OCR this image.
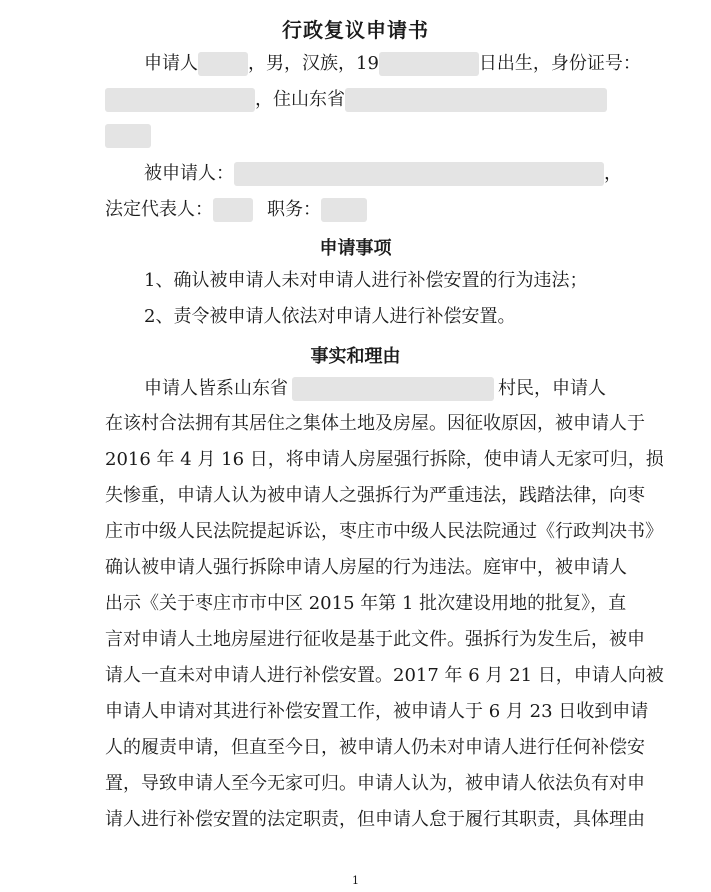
行政复议申请书
申请人	，男，汉族，19	日出生，身份证号：
，住山东省
被申请人：	，
法定代表人：	职务：
申请事项
1、确认被申请人未对申请人进行补偿安置的行为违法；
2、责令被申请人依法对申请人进行补偿安置。
事实和理由
申请人皆系山东省	村民，申请人
在该村合法拥有其居住之集体土地及房屋。因征收原因，被申请人于
2016 年 4 月 16 日，将申请人房屋强行拆除，使申请人无家可归，损
失惨重，申请人认为被申请人之强拆行为严重违法，践踏法律，向枣
庄市中级人民法院提起诉讼，枣庄市中级人民法院通过《行政判决书》
确认被申请人强行拆除申请人房屋的行为违法。庭审中，被申请人
出示《关于枣庄市市中区 2015 年第 1 批次建设用地的批复》，直
言对申请人土地房屋进行征收是基于此文件。强拆行为发生后，被申
请人一直未对申请人进行补偿安置。2017 年 6 月 21 日，申请人向被
申请人申请对其进行补偿安置工作，被申请人于 6 月 23 日收到申请
人的履责申请，但直至今日，被申请人仍未对申请人进行任何补偿安
置，导致申请人至今无家可归。申请人认为，被申请人依法负有对申
请人进行补偿安置的法定职责，但申请人怠于履行其职责，具体理由
1
